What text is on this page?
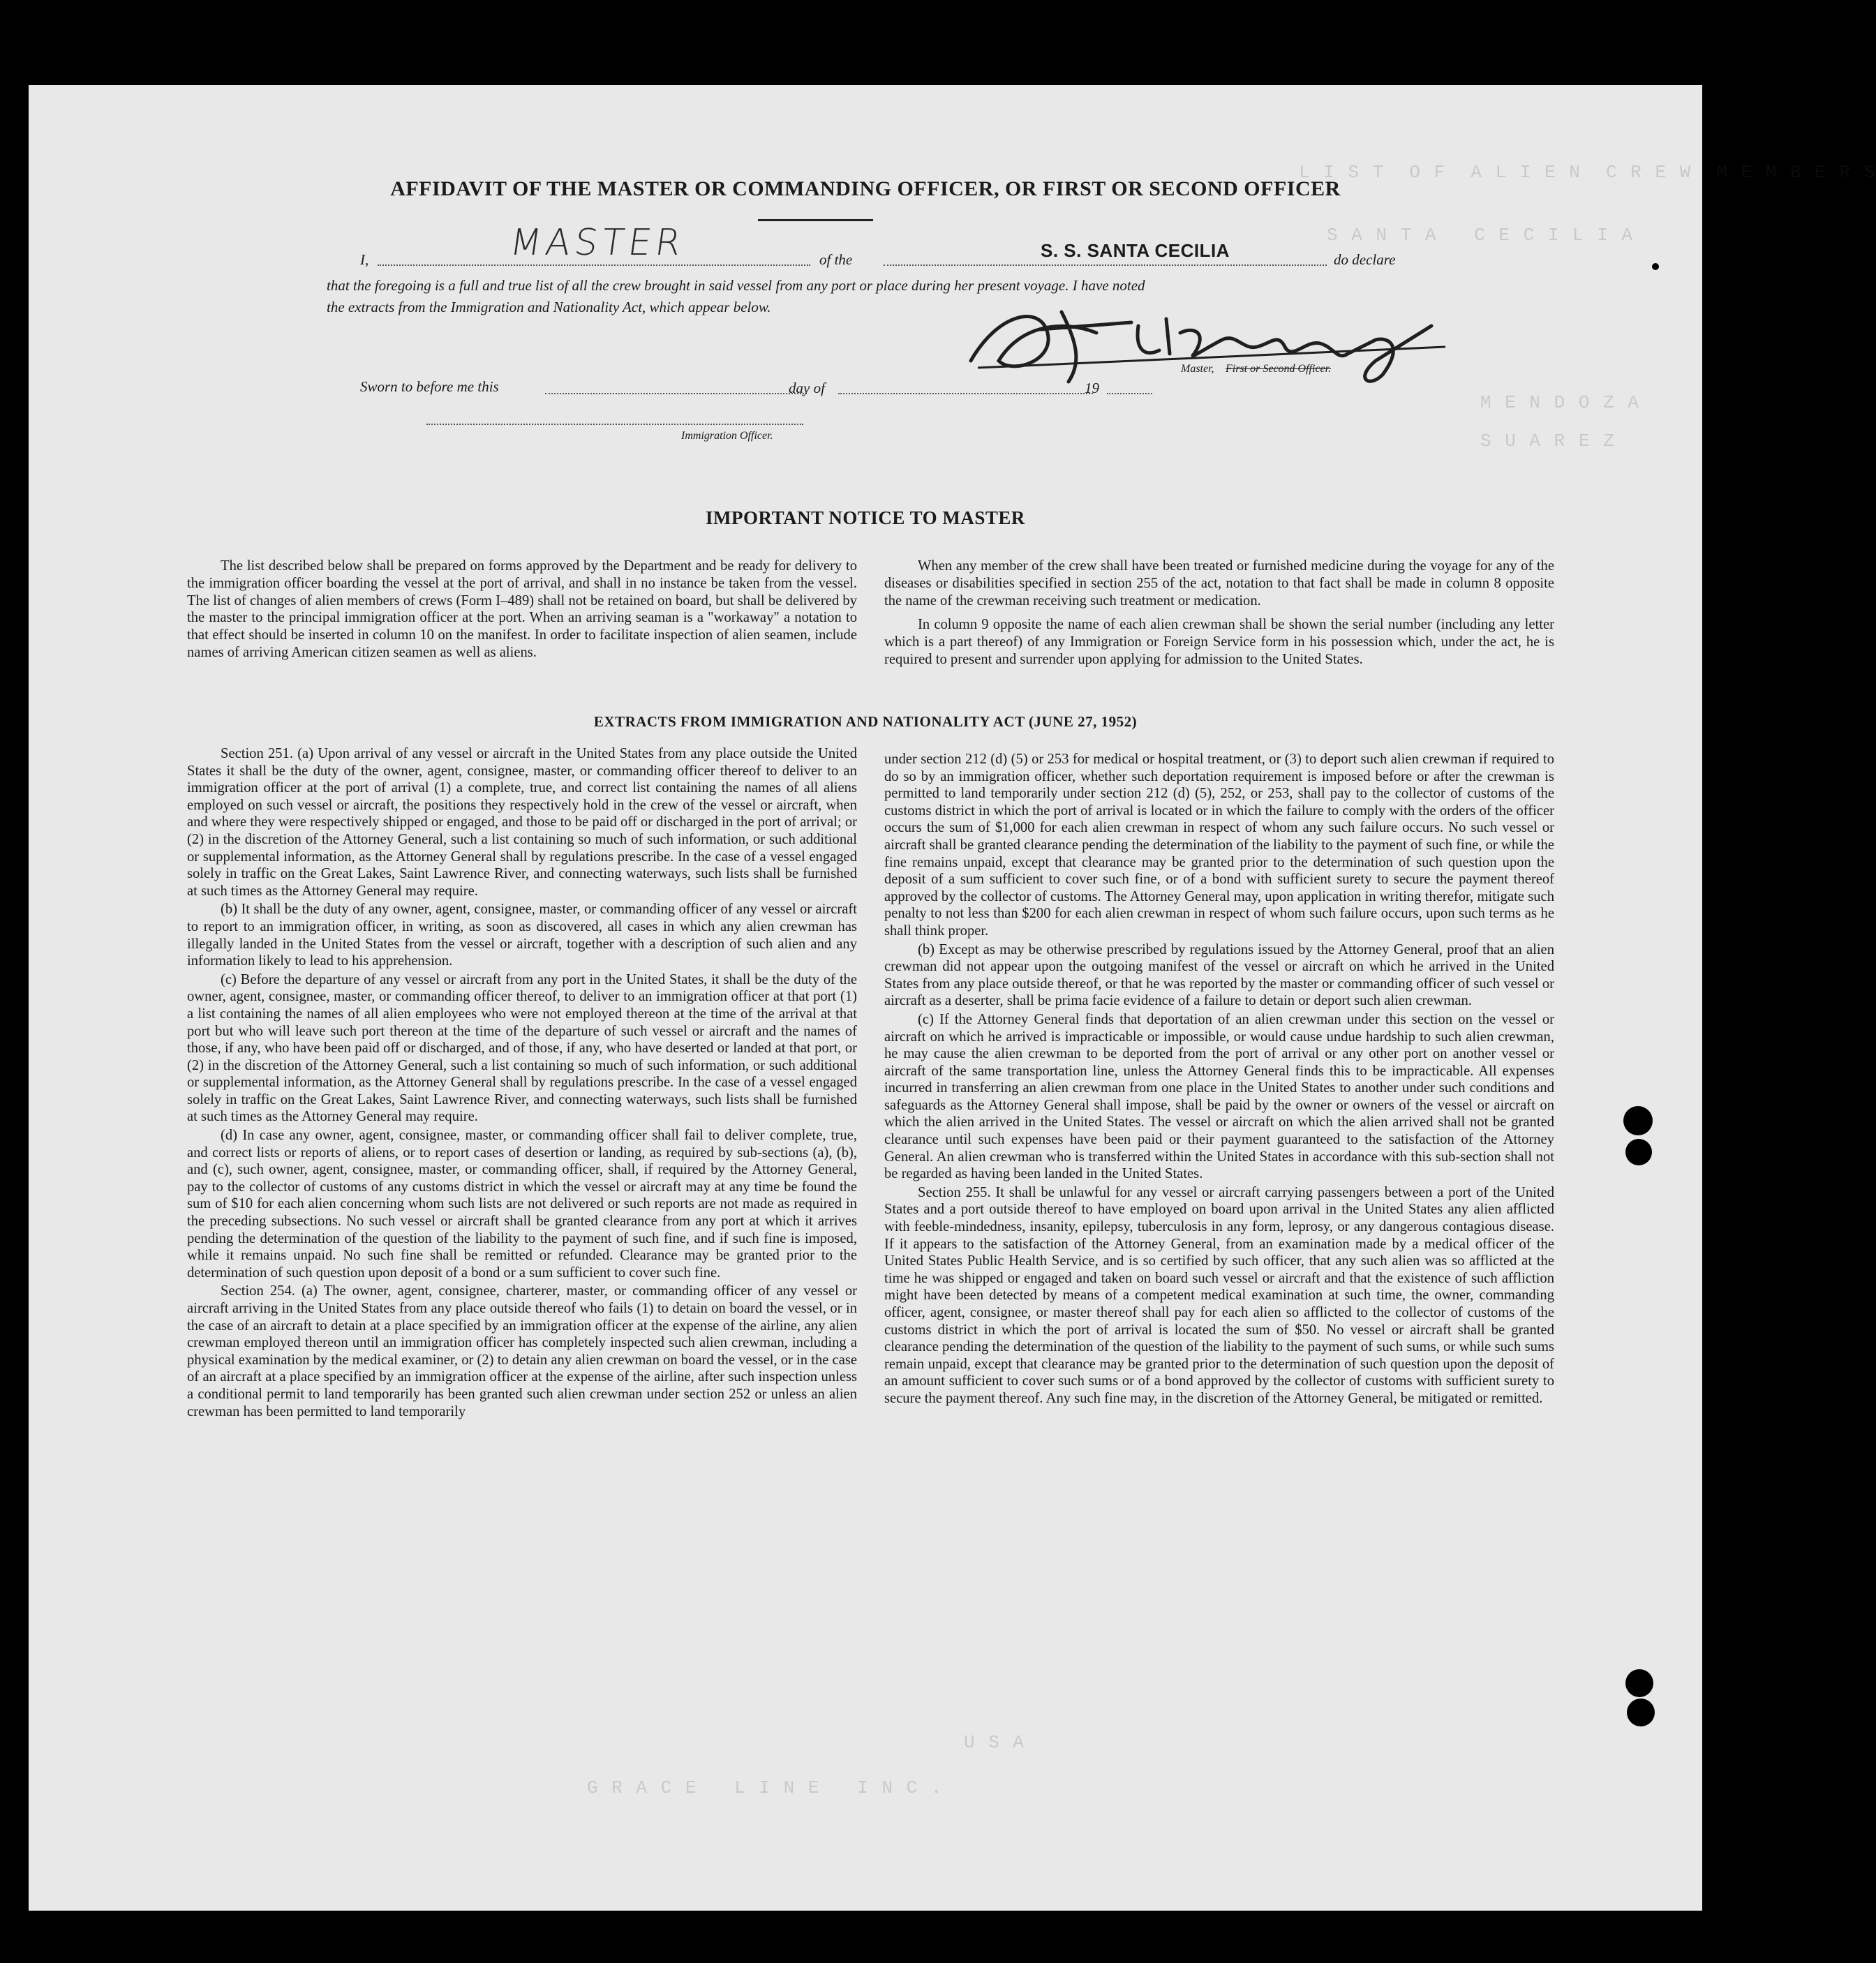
L I S T  O F  A L I E N  C R E W  M E M B E R S
S A N T A   C E C I L I A
M E N D O Z A
S U A R E Z
U S A
G R A C E   L I N E   I N C .
AFFIDAVIT OF THE MASTER OR COMMANDING OFFICER, OR FIRST OR SECOND OFFICER
I,	MASTER	of the	S. S. SANTA CECILIA	do declare
that the foregoing is a full and true list of all the crew brought in said vessel from any port or place during her present voyage. I have noted
the extracts from the Immigration and Nationality Act, which appear below.
Master, First or Second Officer.
Sworn to before me this	day of	19
Immigration Officer.
IMPORTANT NOTICE TO MASTER

The list described below shall be prepared on forms approved by the Department and be ready for delivery to the immigration officer boarding the vessel at the port of arrival, and shall in no instance be taken from the vessel. The list of changes of alien members of crews (Form I–489) shall not be retained on board, but shall be delivered by the master to the principal immigration officer at the port. When an arriving seaman is a "workaway" a notation to that effect should be inserted in column 10 on the manifest. In order to facilitate inspection of alien seamen, include names of arriving American citizen seamen as well as aliens.

When any member of the crew shall have been treated or furnished medicine during the voyage for any of the diseases or disabilities specified in section 255 of the act, notation to that fact shall be made in column 8 opposite the name of the crewman receiving such treatment or medication.

In column 9 opposite the name of each alien crewman shall be shown the serial number (including any letter which is a part thereof) of any Immigration or Foreign Service form in his possession which, under the act, he is required to present and surrender upon applying for admission to the United States.

EXTRACTS FROM IMMIGRATION AND NATIONALITY ACT (JUNE 27, 1952)

Section 251. (a) Upon arrival of any vessel or aircraft in the United States from any place outside the United States it shall be the duty of the owner, agent, consignee, master, or commanding officer thereof to deliver to an immigration officer at the port of arrival (1) a complete, true, and correct list containing the names of all aliens employed on such vessel or aircraft, the positions they respectively hold in the crew of the vessel or aircraft, when and where they were respectively shipped or engaged, and those to be paid off or discharged in the port of arrival; or (2) in the discretion of the Attorney General, such a list containing so much of such information, or such additional or supplemental information, as the Attorney General shall by regulations prescribe. In the case of a vessel engaged solely in traffic on the Great Lakes, Saint Lawrence River, and connecting waterways, such lists shall be furnished at such times as the Attorney General may require.

(b) It shall be the duty of any owner, agent, consignee, master, or commanding officer of any vessel or aircraft to report to an immigration officer, in writing, as soon as discovered, all cases in which any alien crewman has illegally landed in the United States from the vessel or aircraft, together with a description of such alien and any information likely to lead to his apprehension.

(c) Before the departure of any vessel or aircraft from any port in the United States, it shall be the duty of the owner, agent, consignee, master, or commanding officer thereof, to deliver to an immigration officer at that port (1) a list containing the names of all alien employees who were not employed thereon at the time of the arrival at that port but who will leave such port thereon at the time of the departure of such vessel or aircraft and the names of those, if any, who have been paid off or discharged, and of those, if any, who have deserted or landed at that port, or (2) in the discretion of the Attorney General, such a list containing so much of such information, or such additional or supplemental information, as the Attorney General shall by regulations prescribe. In the case of a vessel engaged solely in traffic on the Great Lakes, Saint Lawrence River, and connecting waterways, such lists shall be furnished at such times as the Attorney General may require.

(d) In case any owner, agent, consignee, master, or commanding officer shall fail to deliver complete, true, and correct lists or reports of aliens, or to report cases of desertion or landing, as required by sub-sections (a), (b), and (c), such owner, agent, consignee, master, or commanding officer, shall, if required by the Attorney General, pay to the collector of customs of any customs district in which the vessel or aircraft may at any time be found the sum of $10 for each alien concerning whom such lists are not delivered or such reports are not made as required in the preceding subsections. No such vessel or aircraft shall be granted clearance from any port at which it arrives pending the determination of the question of the liability to the payment of such fine, and if such fine is imposed, while it remains unpaid. No such fine shall be remitted or refunded. Clearance may be granted prior to the determination of such question upon deposit of a bond or a sum sufficient to cover such fine.

Section 254. (a) The owner, agent, consignee, charterer, master, or commanding officer of any vessel or aircraft arriving in the United States from any place outside thereof who fails (1) to detain on board the vessel, or in the case of an aircraft to detain at a place specified by an immigration officer at the expense of the airline, any alien crewman employed thereon until an immigration officer has completely inspected such alien crewman, including a physical examination by the medical examiner, or (2) to detain any alien crewman on board the vessel, or in the case of an aircraft at a place specified by an immigration officer at the expense of the airline, after such inspection unless a conditional permit to land temporarily has been granted such alien crewman under section 252 or unless an alien crewman has been permitted to land temporarily

under section 212 (d) (5) or 253 for medical or hospital treatment, or (3) to deport such alien crewman if required to do so by an immigration officer, whether such deportation requirement is imposed before or after the crewman is permitted to land temporarily under section 212 (d) (5), 252, or 253, shall pay to the collector of customs of the customs district in which the port of arrival is located or in which the failure to comply with the orders of the officer occurs the sum of $1,000 for each alien crewman in respect of whom any such failure occurs. No such vessel or aircraft shall be granted clearance pending the determination of the liability to the payment of such fine, or while the fine remains unpaid, except that clearance may be granted prior to the determination of such question upon the deposit of a sum sufficient to cover such fine, or of a bond with sufficient surety to secure the payment thereof approved by the collector of customs. The Attorney General may, upon application in writing therefor, mitigate such penalty to not less than $200 for each alien crewman in respect of whom such failure occurs, upon such terms as he shall think proper.

(b) Except as may be otherwise prescribed by regulations issued by the Attorney General, proof that an alien crewman did not appear upon the outgoing manifest of the vessel or aircraft on which he arrived in the United States from any place outside thereof, or that he was reported by the master or commanding officer of such vessel or aircraft as a deserter, shall be prima facie evidence of a failure to detain or deport such alien crewman.

(c) If the Attorney General finds that deportation of an alien crewman under this section on the vessel or aircraft on which he arrived is impracticable or impossible, or would cause undue hardship to such alien crewman, he may cause the alien crewman to be deported from the port of arrival or any other port on another vessel or aircraft of the same transportation line, unless the Attorney General finds this to be impracticable. All expenses incurred in transferring an alien crewman from one place in the United States to another under such conditions and safeguards as the Attorney General shall impose, shall be paid by the owner or owners of the vessel or aircraft on which the alien arrived in the United States. The vessel or aircraft on which the alien arrived shall not be granted clearance until such expenses have been paid or their payment guaranteed to the satisfaction of the Attorney General. An alien crewman who is transferred within the United States in accordance with this sub-section shall not be regarded as having been landed in the United States.

Section 255. It shall be unlawful for any vessel or aircraft carrying passengers between a port of the United States and a port outside thereof to have employed on board upon arrival in the United States any alien afflicted with feeble-mindedness, insanity, epilepsy, tuberculosis in any form, leprosy, or any dangerous contagious disease. If it appears to the satisfaction of the Attorney General, from an examination made by a medical officer of the United States Public Health Service, and is so certified by such officer, that any such alien was so afflicted at the time he was shipped or engaged and taken on board such vessel or aircraft and that the existence of such affliction might have been detected by means of a competent medical examination at such time, the owner, commanding officer, agent, consignee, or master thereof shall pay for each alien so afflicted to the collector of customs of the customs district in which the port of arrival is located the sum of $50. No vessel or aircraft shall be granted clearance pending the determination of the question of the liability to the payment of such sums, or while such sums remain unpaid, except that clearance may be granted prior to the determination of such question upon the deposit of an amount sufficient to cover such sums or of a bond approved by the collector of customs with sufficient surety to secure the payment thereof. Any such fine may, in the discretion of the Attorney General, be mitigated or remitted.
